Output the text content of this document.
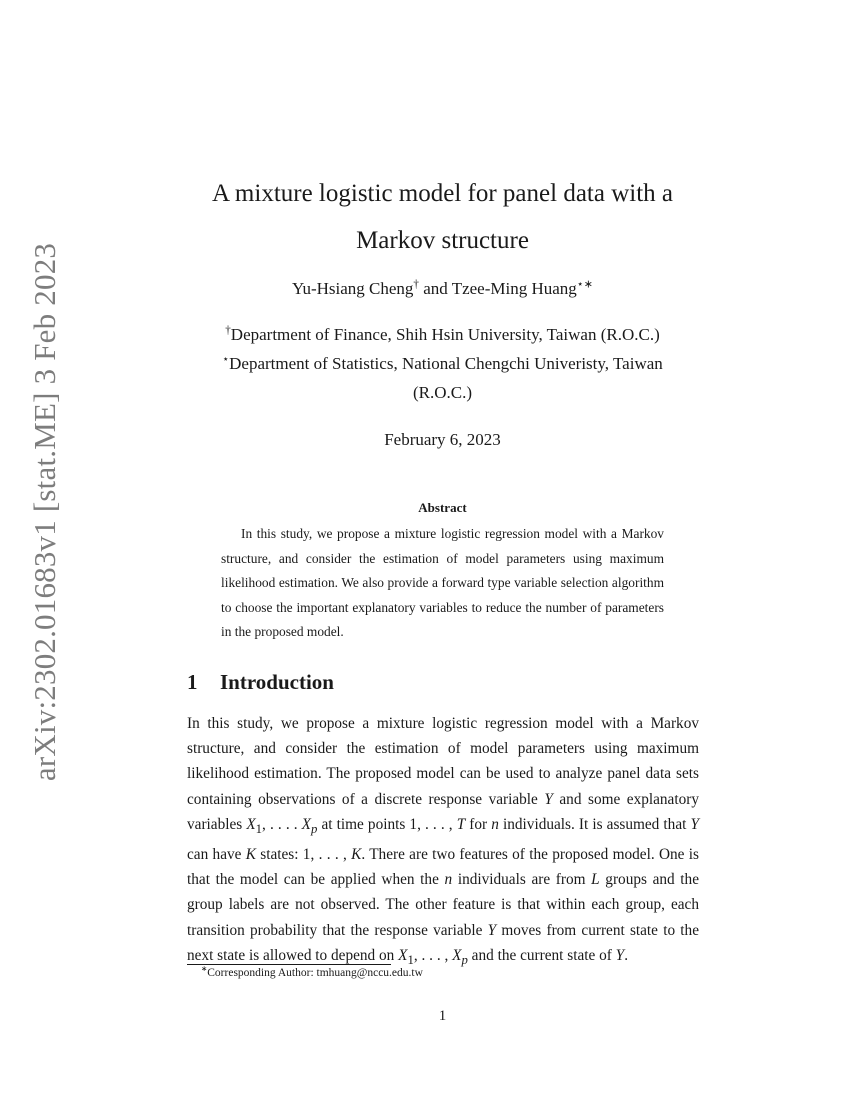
arXiv:2302.01683v1 [stat.ME] 3 Feb 2023
A mixture logistic model for panel data with a
Markov structure
Yu-Hsiang Cheng† and Tzee-Ming Huang⋆∗
†Department of Finance, Shih Hsin University, Taiwan (R.O.C.)
⋆Department of Statistics, National Chengchi Univeristy, Taiwan (R.O.C.)
February 6, 2023
Abstract
In this study, we propose a mixture logistic regression model with a Markov structure, and consider the estimation of model parameters using maximum likelihood estimation. We also provide a forward type variable selection algorithm to choose the important explanatory variables to reduce the number of parameters in the proposed model.
1 Introduction
In this study, we propose a mixture logistic regression model with a Markov structure, and consider the estimation of model parameters using maximum likelihood estimation. The proposed model can be used to analyze panel data sets containing observations of a discrete response variable Y and some explanatory variables $X_1$, . . . . $X_p$ at time points 1, . . . , T for n individuals. It is assumed that Y can have K states: 1, . . . , K. There are two features of the proposed model. One is that the model can be applied when the n individuals are from L groups and the group labels are not observed. The other feature is that within each group, each transition probability that the response variable Y moves from current state to the next state is allowed to depend on $X_1$, . . . , $X_p$ and the current state of Y.
∗Corresponding Author: tmhuang@nccu.edu.tw
1
